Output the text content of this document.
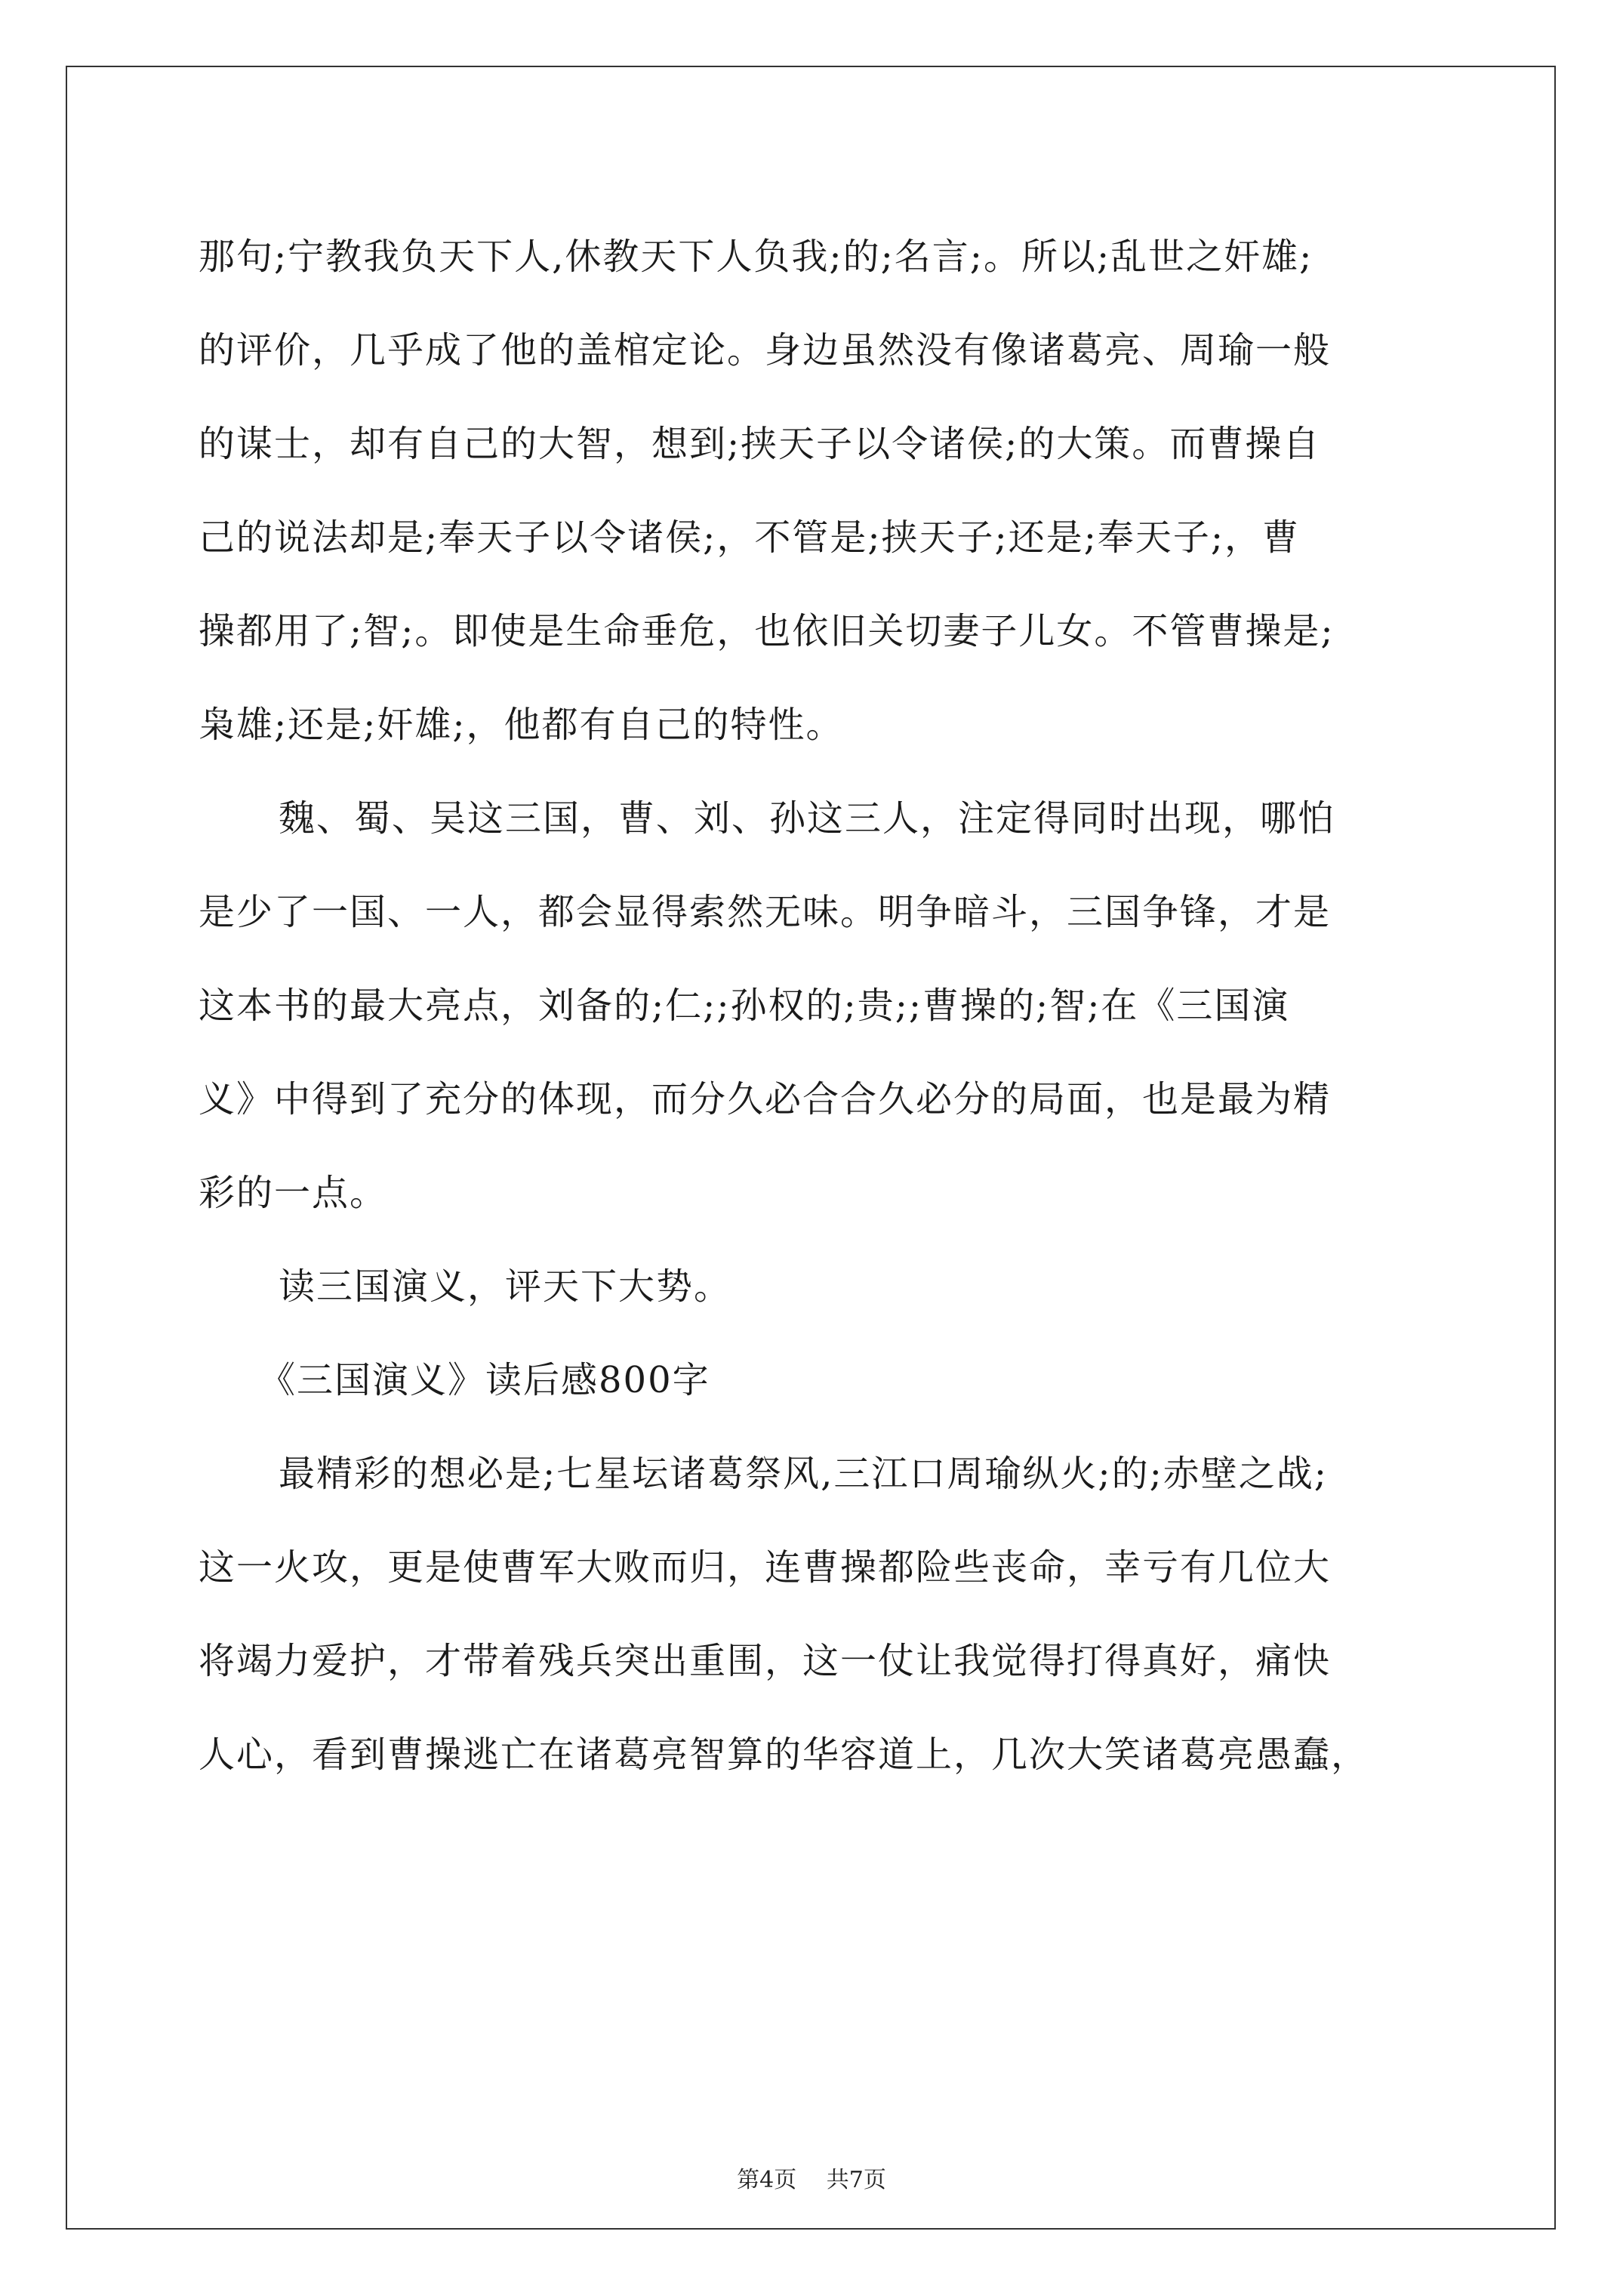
那句;宁教我负天下人,休教天下人负我;的;名言;。所以;乱世之奸雄;
的评价，几乎成了他的盖棺定论。身边虽然没有像诸葛亮、周瑜一般
的谋士，却有自己的大智，想到;挟天子以令诸侯;的大策。而曹操自
己的说法却是;奉天子以令诸侯;，不管是;挟天子;还是;奉天子;，曹
操都用了;智;。即使是生命垂危，也依旧关切妻子儿女。不管曹操是;
枭雄;还是;奸雄;，他都有自己的特性。
魏、蜀、吴这三国，曹、刘、孙这三人，注定得同时出现，哪怕
是少了一国、一人，都会显得索然无味。明争暗斗，三国争锋，才是
这本书的最大亮点，刘备的;仁;;孙权的;贵;;曹操的;智;在《三国演
义》中得到了充分的体现，而分久必合合久必分的局面，也是最为精
彩的一点。
读三国演义，评天下大势。
《三国演义》读后感800字
最精彩的想必是;七星坛诸葛祭风,三江口周瑜纵火;的;赤壁之战;
这一火攻，更是使曹军大败而归，连曹操都险些丧命，幸亏有几位大
将竭力爱护，才带着残兵突出重围，这一仗让我觉得打得真好，痛快
人心，看到曹操逃亡在诸葛亮智算的华容道上，几次大笑诸葛亮愚蠢，
第4页 共7页
